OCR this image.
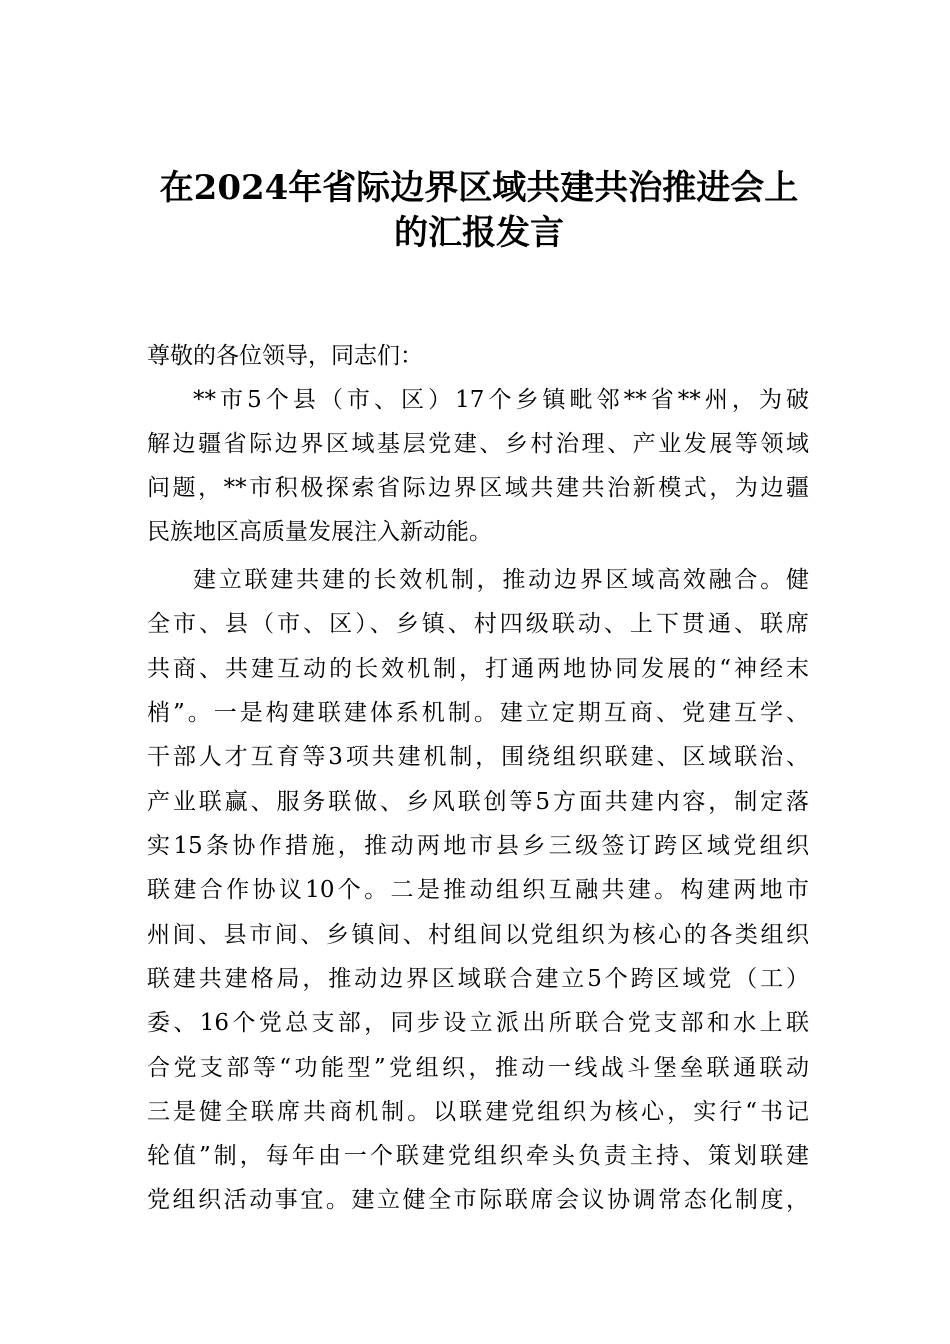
在2024年省际边界区域共建共治推进会上
的汇报发言
尊敬的各位领导，同志们：
**市5个县（市、区）17个乡镇毗邻**省**州，为破
解边疆省际边界区域基层党建、乡村治理、产业发展等领域
问题，**市积极探索省际边界区域共建共治新模式，为边疆
民族地区高质量发展注入新动能。
建立联建共建的长效机制，推动边界区域高效融合。健
全市、县（市、区）、乡镇、村四级联动、上下贯通、联席
共商、共建互动的长效机制，打通两地协同发展的“神经末
梢”。一是构建联建体系机制。建立定期互商、党建互学、
干部人才互育等3项共建机制，围绕组织联建、区域联治、
产业联赢、服务联做、乡风联创等5方面共建内容，制定落
实15条协作措施，推动两地市县乡三级签订跨区域党组织
联建合作协议10个。二是推动组织互融共建。构建两地市
州间、县市间、乡镇间、村组间以党组织为核心的各类组织
联建共建格局，推动边界区域联合建立5个跨区域党（工）
委、16个党总支部，同步设立派出所联合党支部和水上联
合党支部等“功能型”党组织，推动一线战斗堡垒联通联动
三是健全联席共商机制。以联建党组织为核心，实行“书记
轮值”制，每年由一个联建党组织牵头负责主持、策划联建
党组织活动事宜。建立健全市际联席会议协调常态化制度，
